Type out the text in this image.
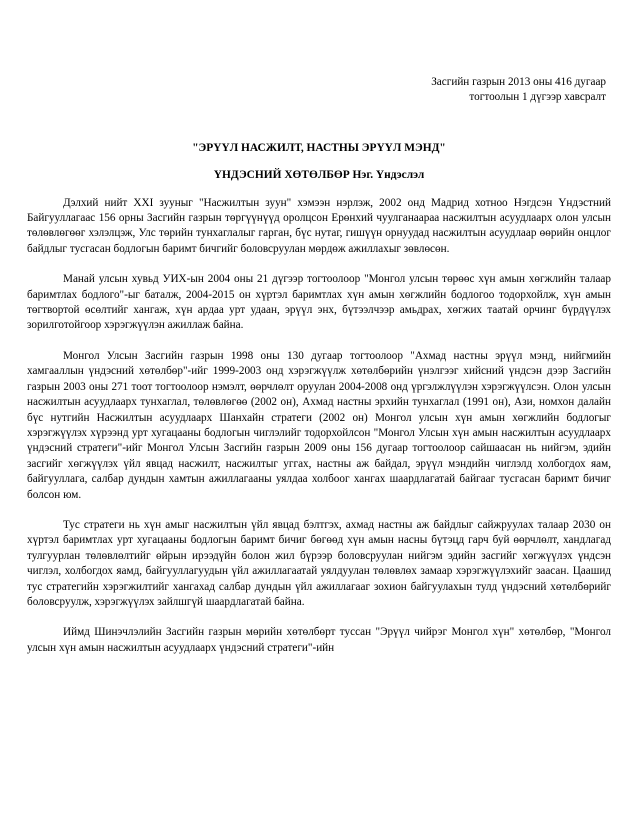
Засгийн газрын 2013 оны 416 дугаар
тогтоолын 1 дүгээр хавсралт
"ЭРҮҮЛ НАСЖИЛТ, НАСТНЫ ЭРҮҮЛ МЭНД"
ҮНДЭСНИЙ ХӨТӨЛБӨР Нэг. Үндэслэл

Дэлхий нийт XXI зууныг "Насжилтын зуун" хэмээн нэрлэж, 2002 онд Мадрид хотноо Нэгдсэн Үндэстний Байгууллагаас 156 орны Засгийн газрын төргүүнүүд оролцсон Ерөнхий чуулганаараа насжилтын асуудлаарх олон улсын төлөвлөгөөг хэлэлцэж, Улс төрийн тунхаглалыг гарган, бүс нутаг, гишүүн орнуудад насжилтын асуудлаар өөрийн онцлог байдлыг тусгасан бодлогын баримт бичгийг боловсруулан мөрдөж ажиллахыг зөвлөсөн.

Манай улсын хувьд УИХ-ын 2004 оны 21 дүгээр тогтоолоор "Монгол улсын төрөөс хүн амын хөгжлийн талаар баримтлах бодлого"-ыг баталж, 2004-2015 он хүртэл баримтлах хүн амын хөгжлийн бодлогоо тодорхойлж, хүн амын төгтвортой өсөлтийг хангаж, хүн ардаа урт удаан, эрүүл энх, бүтээлчээр амьдрах, хөгжих таатай орчинг бүрдүүлэх зорилготойгоор хэрэгжүүлэн ажиллаж байна.

Монгол Улсын Засгийн газрын 1998 оны 130 дугаар тогтоолоор "Ахмад настны эрүүл мэнд, нийгмийн хамгааллын үндэсний хөтөлбөр"-ийг 1999-2003 онд хэрэгжүүлж хөтөлбөрийн үнэлгээг хийсний үндсэн дээр Засгийн газрын 2003 оны 271 тоот тогтоолоор нэмэлт, өөрчлөлт оруулан 2004-2008 онд үргэлжлүүлэн хэрэгжүүлсэн. Олон улсын насжилтын асуудлаарх тунхаглал, төлөвлөгөө (2002 он), Ахмад настны эрхийн тунхаглал (1991 он), Ази, номхон далайн бүс нутгийн Насжилтын асуудлаарх Шанхайн стратеги (2002 он) Монгол улсын хүн амын хөгжлийн бодлогыг хэрэгжүүлэх хүрээнд урт хугацааны бодлогын чиглэлийг тодорхойлсон "Монгол Улсын хүн амын насжилтын асуудлаарх үндэсний стратеги"-ийг Монгол Улсын Засгийн газрын 2009 оны 156 дугаар тогтоолоор сайшаасан нь нийгэм, эдийн засгийг хөгжүүлэх үйл явцад насжилт, насжилтыг уггах, настны аж байдал, эрүүл мэндийн чиглэлд холбогдох яам, байгууллага, салбар дундын хамтын ажиллагааны уялдаа холбоог хангах шаардлагатай байгааг тусгасан баримт бичиг болсон юм.

Тус стратеги нь хүн амыг насжилтын үйл явцад бэлтгэх, ахмад настны аж байдлыг сайжруулах талаар 2030 он хүртэл баримтлах урт хугацааны бодлогын баримт бичиг бөгөөд хүн амын насны бүтэцд гарч буй өөрчлөлт, хандлагад тулгуурлан төлөвлөлтийг өйрын ирээдүйн болон жил бүрээр боловсруулан нийгэм эдийн засгийг хөгжүүлэх үндсэн чиглэл, холбогдох яамд, байгууллагуудын үйл ажиллагаатай уялдуулан төлөвлөх замаар хэрэгжүүлэхийг заасан. Цаашид тус стратегийн хэрэгжилтийг хангахад салбар дундын үйл ажиллагааг зохион байгуулахын тулд үндэсний хөтөлбөрийг боловсруулж, хэрэгжүүлэх зайлшгүй шаардлагатай байна.

Иймд Шинэчлэлийн Засгийн газрын мөрийн хөтөлбөрт туссан "Эрүүл чийрэг Монгол хүн" хөтөлбөр, "Монгол улсын хүн амын насжилтын асуудлаарх үндэсний стратеги"-ийн
